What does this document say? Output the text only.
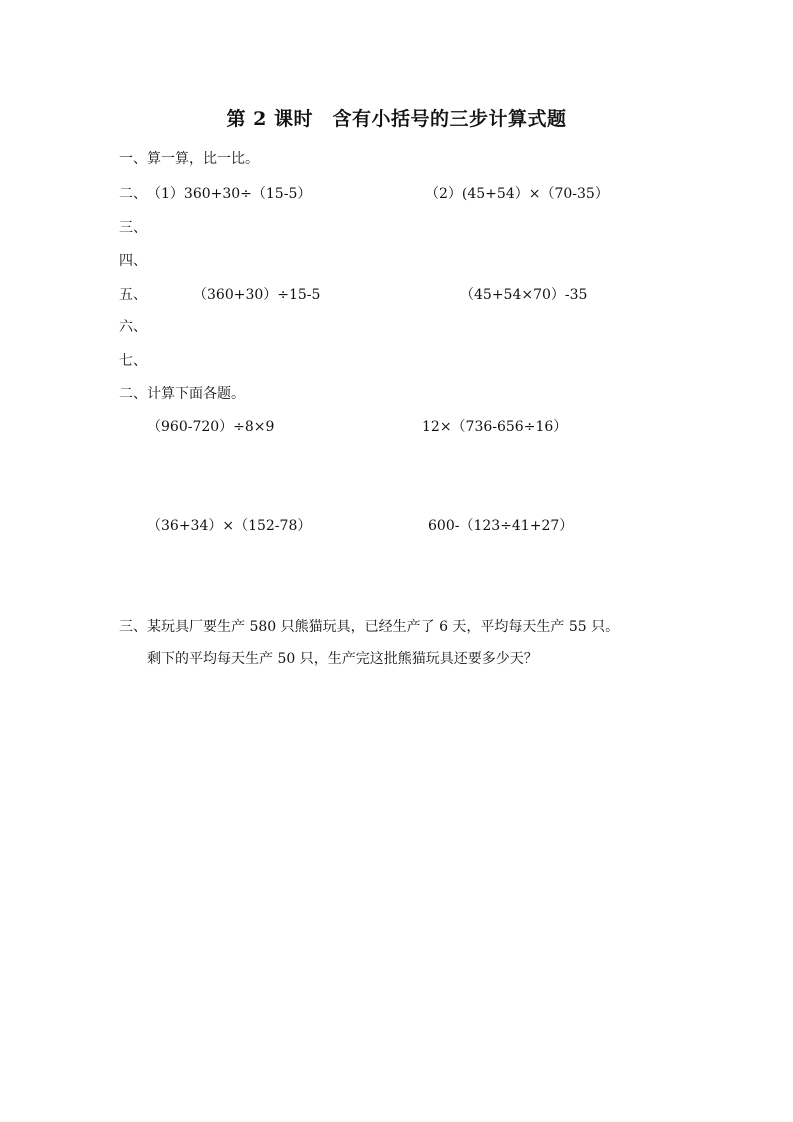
第 2 课时　含有小括号的三步计算式题
一、算一算，比一比。
二、 （1）360+30÷（15-5）	（2）(45+54）×（70-35）
三、
四、
五、	（360+30）÷15-5	（45+54×70）-35
六、
七、
二、计算下面各题。
（960-720）÷8×9	12×（736-656÷16）
（36+34）×（152-78）	600-（123÷41+27）
三、某玩具厂要生产 580 只熊猫玩具，已经生产了 6 天，平均每天生产 55 只。
剩下的平均每天生产 50 只，生产完这批熊猫玩具还要多少天？
